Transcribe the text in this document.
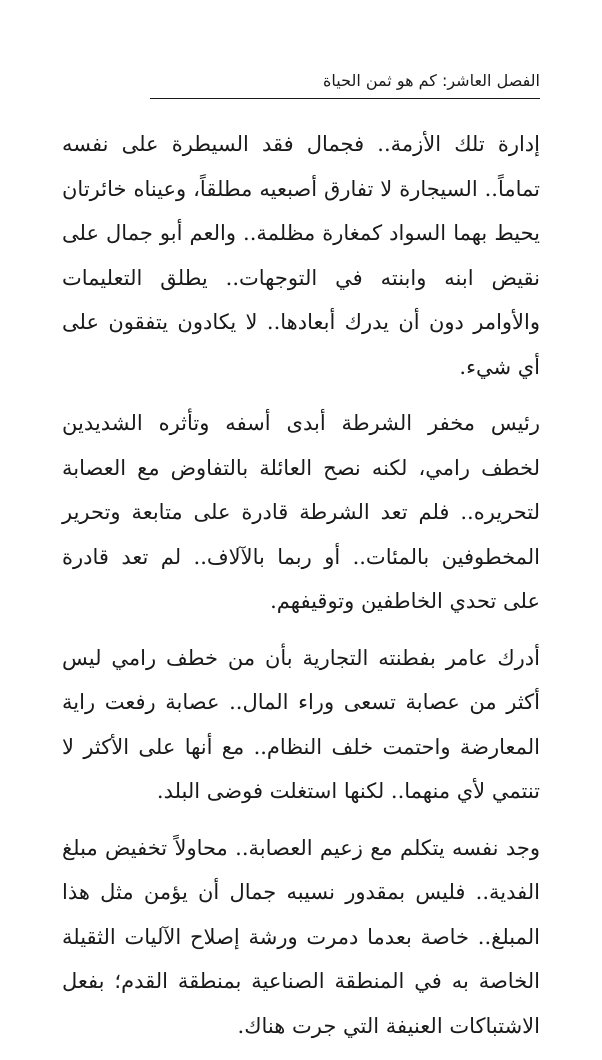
الفصل العاشر: كم هو ثمن الحياة

إدارة تلك الأزمة.. فجمال فقد السيطرة على نفسه تماماً.. السيجارة لا تفارق أصبعيه مطلقاً، وعيناه خائرتان يحيط بهما السواد كمغارة مظلمة.. والعم أبو جمال على نقيض ابنه وابنته في التوجهات.. يطلق التعليمات والأوامر دون أن يدرك أبعادها.. لا يكادون يتفقون على أي شيء.

رئيس مخفر الشرطة أبدى أسفه وتأثره الشديدين لخطف رامي، لكنه نصح العائلة بالتفاوض مع العصابة لتحريره.. فلم تعد الشرطة قادرة على متابعة وتحرير المخطوفين بالمئات.. أو ربما بالآلاف.. لم تعد قادرة على تحدي الخاطفين وتوقيفهم.

أدرك عامر بفطنته التجارية بأن من خطف رامي ليس أكثر من عصابة تسعى وراء المال.. عصابة رفعت راية المعارضة واحتمت خلف النظام.. مع أنها على الأكثر لا تنتمي لأي منهما.. لكنها استغلت فوضى البلد.

وجد نفسه يتكلم مع زعيم العصابة.. محاولاً تخفيض مبلغ الفدية.. فليس بمقدور نسيبه جمال أن يؤمن مثل هذا المبلغ.. خاصة بعدما دمرت ورشة إصلاح الآليات الثقيلة الخاصة به في المنطقة الصناعية بمنطقة القدم؛ بفعل الاشتباكات العنيفة التي جرت هناك.
